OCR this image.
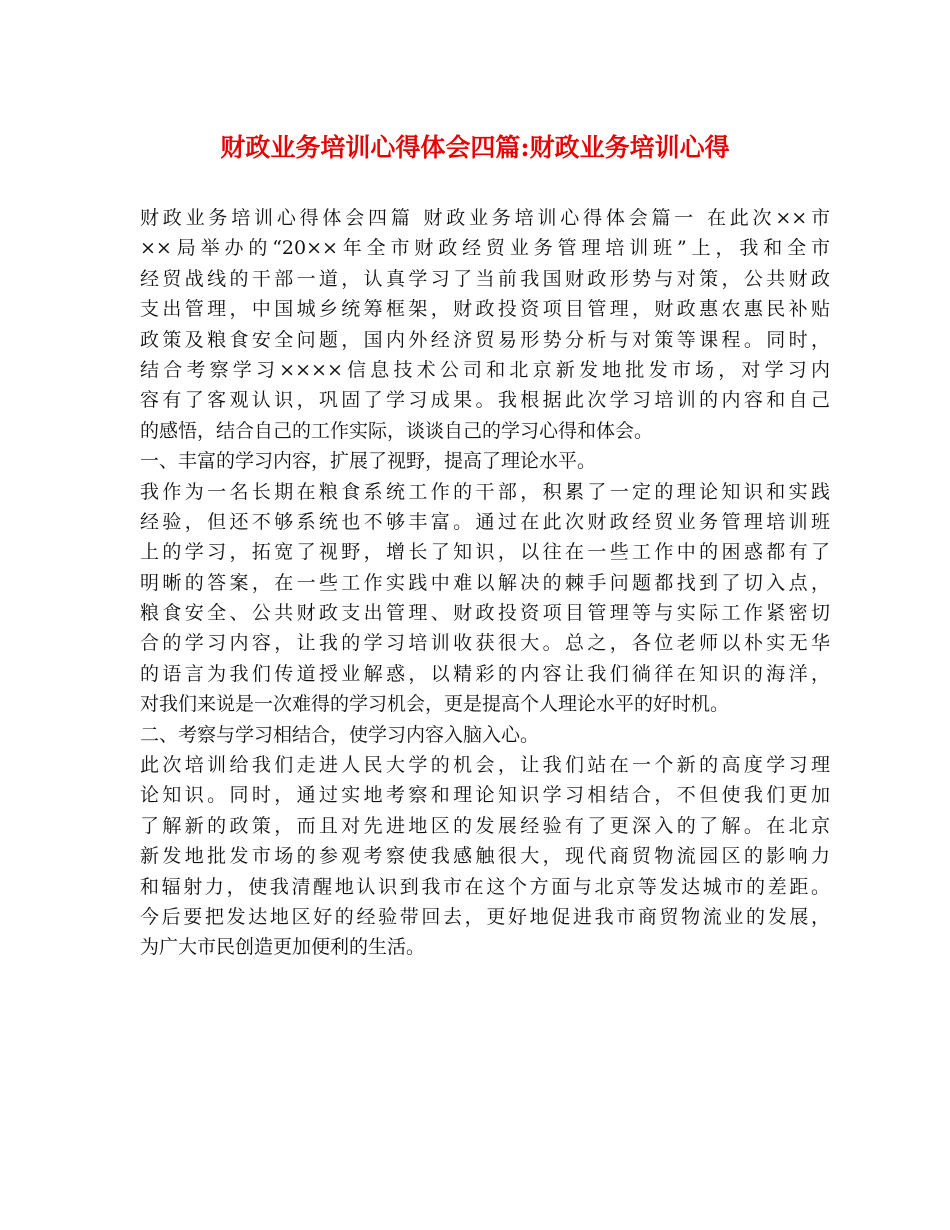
财政业务培训心得体会四篇:财政业务培训心得
财政业务培训心得体会四篇 财政业务培训心得体会篇一 在此次××市
××局举办的“20××年全市财政经贸业务管理培训班”上，我和全市
经贸战线的干部一道，认真学习了当前我国财政形势与对策，公共财政
支出管理，中国城乡统筹框架，财政投资项目管理，财政惠农惠民补贴
政策及粮食安全问题，国内外经济贸易形势分析与对策等课程。同时，
结合考察学习××××信息技术公司和北京新发地批发市场，对学习内
容有了客观认识，巩固了学习成果。我根据此次学习培训的内容和自己
的感悟，结合自己的工作实际，谈谈自己的学习心得和体会。
一、丰富的学习内容，扩展了视野，提高了理论水平。
我作为一名长期在粮食系统工作的干部，积累了一定的理论知识和实践
经验，但还不够系统也不够丰富。通过在此次财政经贸业务管理培训班
上的学习，拓宽了视野，增长了知识，以往在一些工作中的困惑都有了
明晰的答案，在一些工作实践中难以解决的棘手问题都找到了切入点，
粮食安全、公共财政支出管理、财政投资项目管理等与实际工作紧密切
合的学习内容，让我的学习培训收获很大。总之，各位老师以朴实无华
的语言为我们传道授业解惑，以精彩的内容让我们徜徉在知识的海洋，
对我们来说是一次难得的学习机会，更是提高个人理论水平的好时机。
二、考察与学习相结合，使学习内容入脑入心。
此次培训给我们走进人民大学的机会，让我们站在一个新的高度学习理
论知识。同时，通过实地考察和理论知识学习相结合，不但使我们更加
了解新的政策，而且对先进地区的发展经验有了更深入的了解。在北京
新发地批发市场的参观考察使我感触很大，现代商贸物流园区的影响力
和辐射力，使我清醒地认识到我市在这个方面与北京等发达城市的差距。
今后要把发达地区好的经验带回去，更好地促进我市商贸物流业的发展，
为广大市民创造更加便利的生活。
